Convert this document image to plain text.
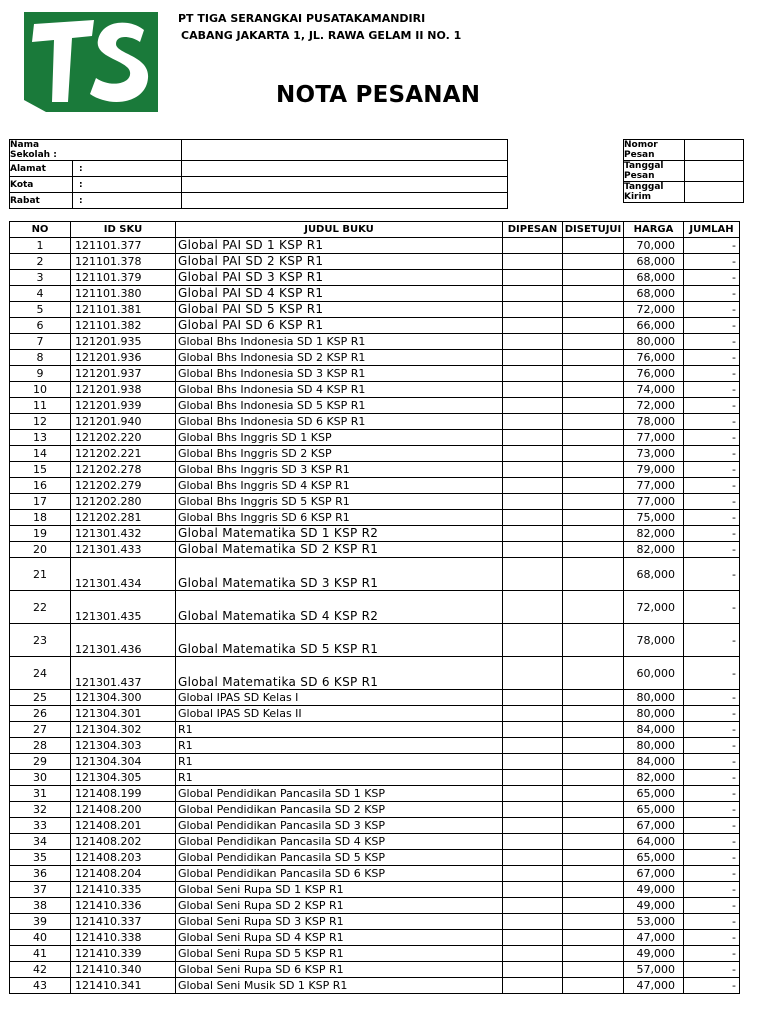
PT TIGA SERANGKAI PUSATAKAMANDIRI
CABANG JAKARTA 1, JL. RAWA GELAM II NO. 1
NOTA PESANAN
Nama Sekolah :		
Alamat	:	
Kota	:	
Rabat	:	
Nomor Pesan	
Tanggal Pesan	
Tanggal Kirim	
NO	ID SKU	JUDUL BUKU	DIPESAN	DISETUJUI	HARGA	JUMLAH
1	121101.377	Global PAI SD 1 KSP R1			70,000	-
2	121101.378	Global PAI SD 2 KSP R1			68,000	-
3	121101.379	Global PAI SD 3 KSP R1			68,000	-
4	121101.380	Global PAI SD 4 KSP R1			68,000	-
5	121101.381	Global PAI SD 5 KSP R1			72,000	-
6	121101.382	Global PAI SD 6 KSP R1			66,000	-
7	121201.935	Global Bhs Indonesia SD 1 KSP R1			80,000	-
8	121201.936	Global Bhs Indonesia SD 2 KSP R1			76,000	-
9	121201.937	Global Bhs Indonesia SD 3 KSP R1			76,000	-
10	121201.938	Global Bhs Indonesia SD 4 KSP R1			74,000	-
11	121201.939	Global Bhs Indonesia SD 5 KSP R1			72,000	-
12	121201.940	Global Bhs Indonesia SD 6 KSP R1			78,000	-
13	121202.220	Global Bhs Inggris SD 1 KSP			77,000	-
14	121202.221	Global Bhs Inggris SD 2 KSP			73,000	-
15	121202.278	Global Bhs Inggris SD 3 KSP R1			79,000	-
16	121202.279	Global Bhs Inggris SD 4 KSP R1			77,000	-
17	121202.280	Global Bhs Inggris SD 5 KSP R1			77,000	-
18	121202.281	Global Bhs Inggris SD 6 KSP R1			75,000	-
19	121301.432	Global Matematika SD 1 KSP R2			82,000	-
20	121301.433	Global Matematika SD 2 KSP R1			82,000	-
21	121301.434	Global Matematika SD 3 KSP R1			68,000	-
22	121301.435	Global Matematika SD 4 KSP R2			72,000	-
23	121301.436	Global Matematika SD 5 KSP R1			78,000	-
24	121301.437	Global Matematika SD 6 KSP R1			60,000	-
25	121304.300	Global IPAS SD Kelas I			80,000	-
26	121304.301	Global IPAS SD Kelas II			80,000	-
27	121304.302	R1			84,000	-
28	121304.303	R1			80,000	-
29	121304.304	R1			84,000	-
30	121304.305	R1			82,000	-
31	121408.199	Global Pendidikan Pancasila SD 1 KSP			65,000	-
32	121408.200	Global Pendidikan Pancasila SD 2 KSP			65,000	-
33	121408.201	Global Pendidikan Pancasila SD 3 KSP			67,000	-
34	121408.202	Global Pendidikan Pancasila SD 4 KSP			64,000	-
35	121408.203	Global Pendidikan Pancasila SD 5 KSP			65,000	-
36	121408.204	Global Pendidikan Pancasila SD 6 KSP			67,000	-
37	121410.335	Global Seni Rupa SD 1 KSP R1			49,000	-
38	121410.336	Global Seni Rupa SD 2 KSP R1			49,000	-
39	121410.337	Global Seni Rupa SD 3 KSP R1			53,000	-
40	121410.338	Global Seni Rupa SD 4 KSP R1			47,000	-
41	121410.339	Global Seni Rupa SD 5 KSP R1			49,000	-
42	121410.340	Global Seni Rupa SD 6 KSP R1			57,000	-
43	121410.341	Global Seni Musik SD 1 KSP R1			47,000	-
